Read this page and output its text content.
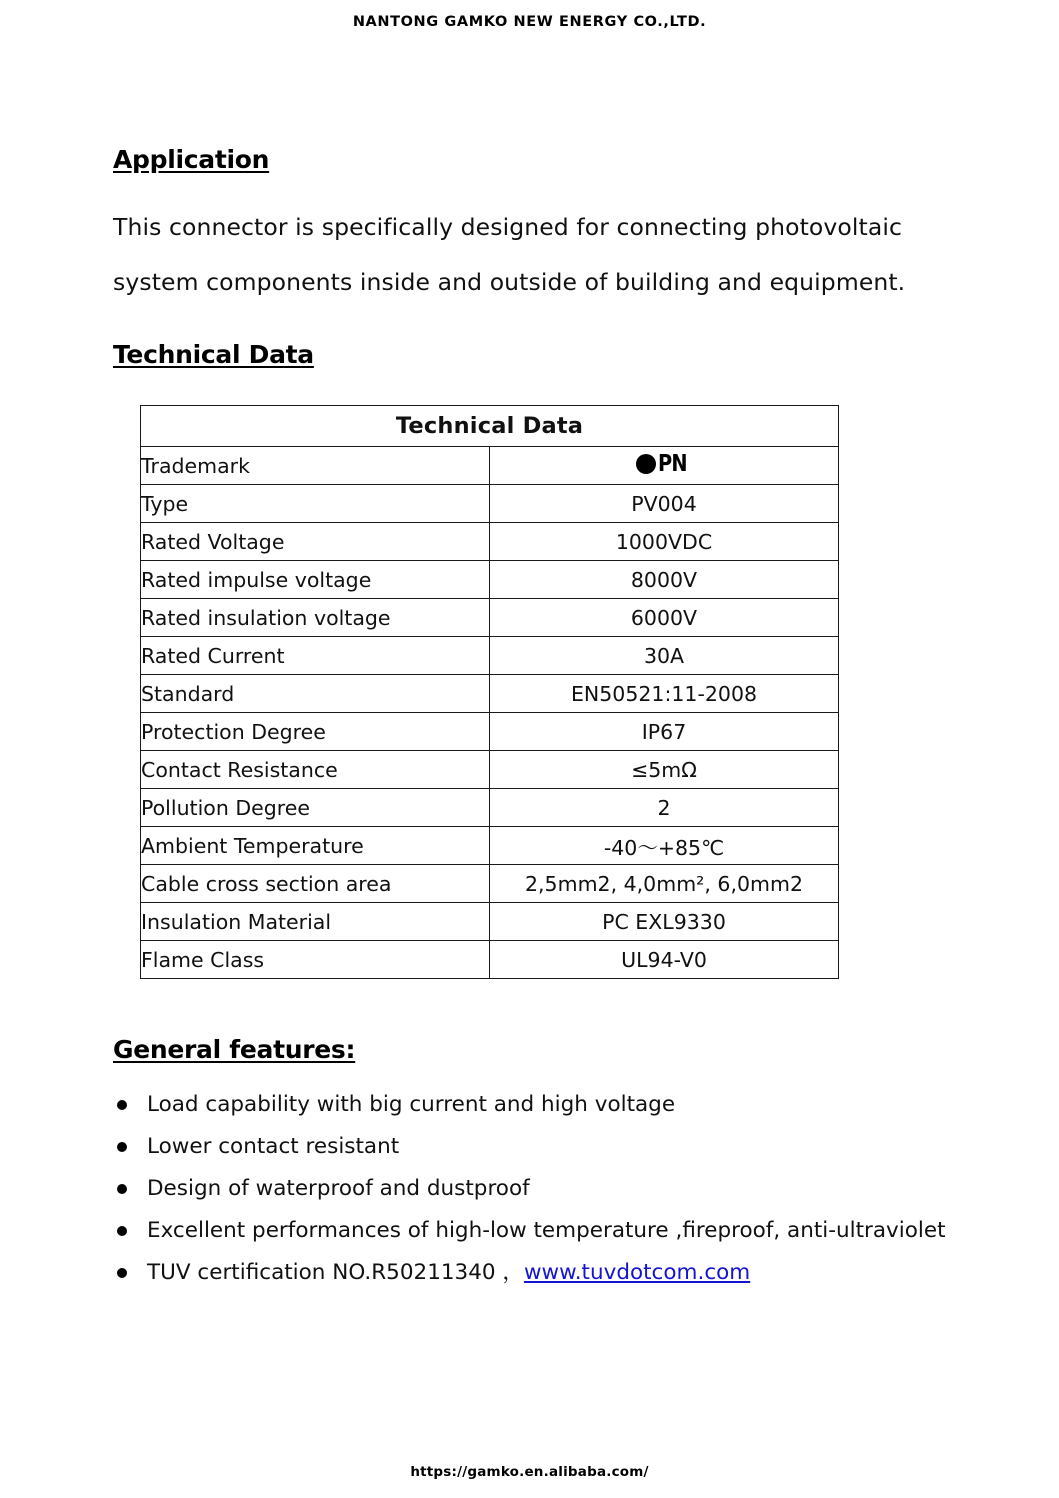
NANTONG GAMKO NEW ENERGY CO.,LTD.
Application

This connector is specifically designed for connecting photovoltaic system components inside and outside of building and equipment.

Technical Data
General features:
Load capability with big current and high voltage
Lower contact resistant
Design of waterproof and dustproof
Excellent performances of high-low temperature ,fireproof, anti-ultraviolet
TUV certification NO.R50211340 ，www.tuvdotcom.com
Technical Data	
Trademark	PN

Type	PV004
Rated Voltage	1000VDC
Rated impulse voltage	8000V
Rated insulation voltage	6000V
Rated Current	30A
Standard	EN50521:11-2008
Protection Degree	IP67
Contact Resistance	≤5mΩ
Pollution Degree	2
Ambient Temperature	-40～+85℃
Cable cross section area	2,5mm2, 4,0mm², 6,0mm2
Insulation Material	PC EXL9330
Flame Class	UL94-V0
https://gamko.en.alibaba.com/
